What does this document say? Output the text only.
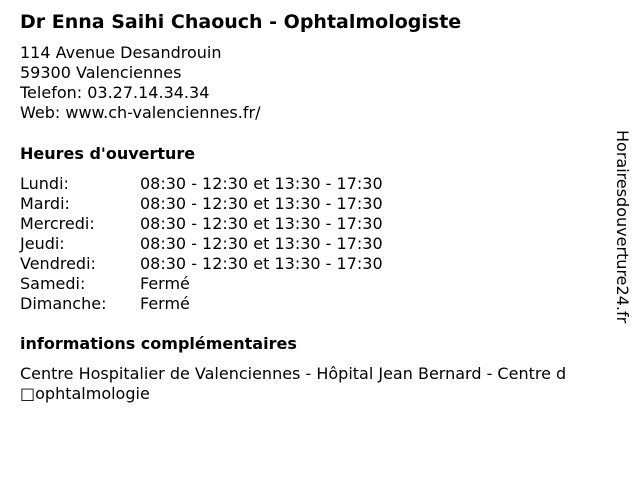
Dr Enna Saihi Chaouch - Ophtalmologiste
114 Avenue Desandrouin
59300 Valenciennes
Telefon: 03.27.14.34.34
Web: www.ch-valenciennes.fr/
Heures d'ouverture
Lundi:	08:30 - 12:30 et 13:30 - 17:30
Mardi:	08:30 - 12:30 et 13:30 - 17:30
Mercredi:	08:30 - 12:30 et 13:30 - 17:30
Jeudi:	08:30 - 12:30 et 13:30 - 17:30
Vendredi:	08:30 - 12:30 et 13:30 - 17:30
Samedi:	Fermé
Dimanche:	Fermé
informations complémentaires
Centre Hospitalier de Valenciennes - Hôpital Jean Bernard - Centre d
□ophtalmologie
Horairesdouverture24.fr
